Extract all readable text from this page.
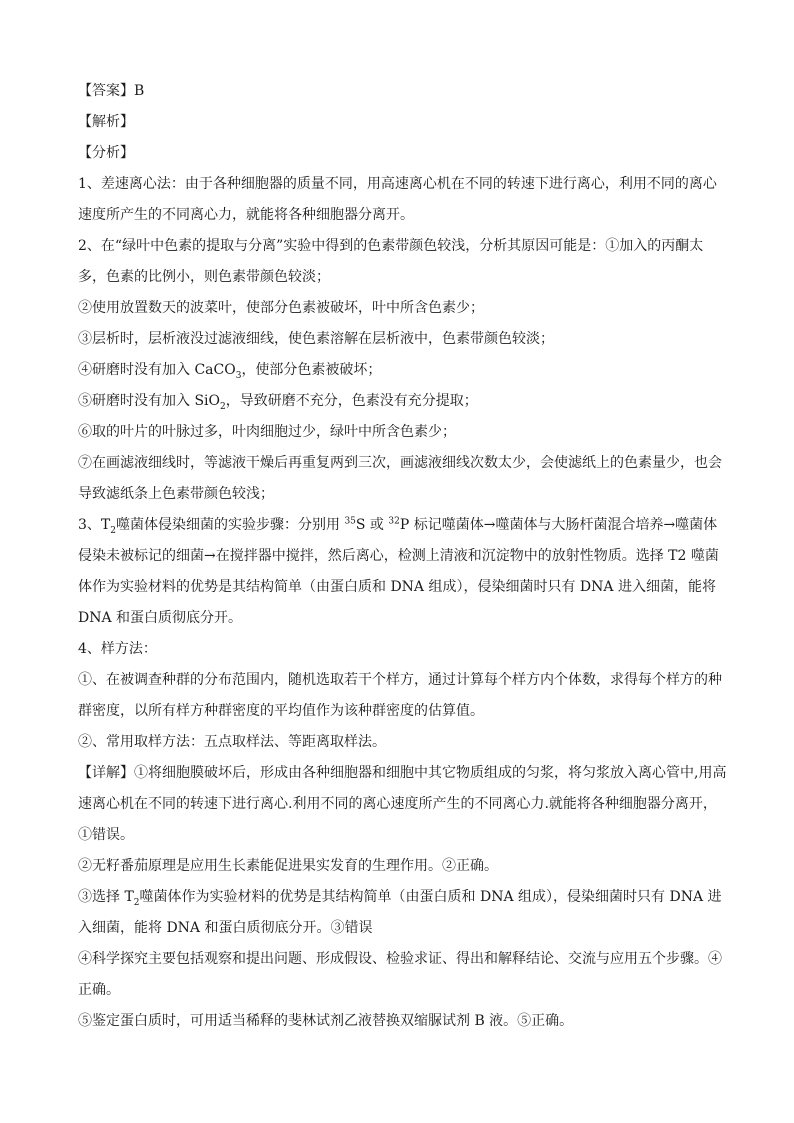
【答案】B

【解析】

【分析】

1、差速离心法：由于各种细胞器的质量不同，用高速离心机在不同的转速下进行离心，利用不同的离心速度所产生的不同离心力，就能将各种细胞器分离开。

2、在“绿叶中色素的提取与分离”实验中得到的色素带颜色较浅，分析其原因可能是：①加入的丙酮太多，色素的比例小，则色素带颜色较淡；

②使用放置数天的波菜叶，使部分色素被破坏，叶中所含色素少；

③层析时，层析液没过滤液细线，使色素溶解在层析液中，色素带颜色较淡；

④研磨时没有加入 CaCO$_3$，使部分色素被破坏；

⑤研磨时没有加入 SiO$_2$，导致研磨不充分，色素没有充分提取；

⑥取的叶片的叶脉过多，叶肉细胞过少，绿叶中所含色素少；

⑦在画滤液细线时，等滤液干燥后再重复两到三次，画滤液细线次数太少，会使滤纸上的色素量少，也会导致滤纸条上色素带颜色较浅；

3、$T_2$噬菌体侵染细菌的实验步骤：分别用 $^{35}$S 或 $^{32}$P 标记噬菌体→噬菌体与大肠杆菌混合培养→噬菌体侵染未被标记的细菌→在搅拌器中搅拌，然后离心，检测上清液和沉淀物中的放射性物质。选择 T2 噬菌体作为实验材料的优势是其结构简单（由蛋白质和 DNA 组成），侵染细菌时只有 DNA 进入细菌，能将 DNA 和蛋白质彻底分开。

4、样方法：

①、在被调查种群的分布范围内，随机选取若干个样方，通过计算每个样方内个体数，求得每个样方的种群密度，以所有样方种群密度的平均值作为该种群密度的估算值。

②、常用取样方法：五点取样法、等距离取样法。

【详解】①将细胞膜破坏后，形成由各种细胞器和细胞中其它物质组成的匀浆，将匀浆放入离心管中,用高速离心机在不同的转速下进行离心.利用不同的离心速度所产生的不同离心力.就能将各种细胞器分离开，①错误。

②无籽番茄原理是应用生长素能促进果实发育的生理作用。②正确。

③选择 $T_2$噬菌体作为实验材料的优势是其结构简单（由蛋白质和 DNA 组成），侵染细菌时只有 DNA 进入细菌，能将 DNA 和蛋白质彻底分开。③错误

④科学探究主要包括观察和提出问题、形成假设、检验求证、得出和解释结论、交流与应用五个步骤。④正确。

⑤鉴定蛋白质时，可用适当稀释的斐林试剂乙液替换双缩脲试剂 B 液。⑤正确。
